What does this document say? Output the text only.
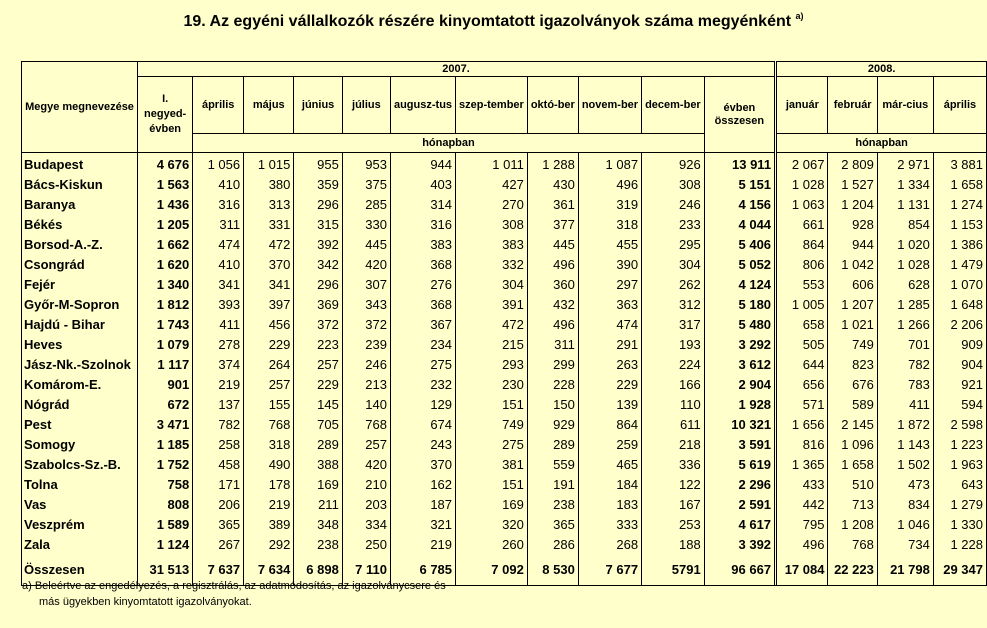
19. Az egyéni vállalkozók részére kinyomtatott igazolványok száma megyénként $^{a)}$
Megye megnevezése	2007.												2008.			
	I. negyed-évben	április	május	június	július	augusz-tus	szep-tember	októ-ber	novem-ber	decem-ber	évben összesen		január	február	már-cius	április
		hónapban											hónapban			
Budapest	4 676	1 056	1 015	955	953	944	1 011	1 288	1 087	926	13 911		2 067	2 809	2 971	3 881
Bács-Kiskun	1 563	410	380	359	375	403	427	430	496	308	5 151		1 028	1 527	1 334	1 658
Baranya	1 436	316	313	296	285	314	270	361	319	246	4 156		1 063	1 204	1 131	1 274
Békés	1 205	311	331	315	330	316	308	377	318	233	4 044		661	928	854	1 153
Borsod-A.-Z.	1 662	474	472	392	445	383	383	445	455	295	5 406		864	944	1 020	1 386
Csongrád	1 620	410	370	342	420	368	332	496	390	304	5 052		806	1 042	1 028	1 479
Fejér	1 340	341	341	296	307	276	304	360	297	262	4 124		553	606	628	1 070
Győr-M-Sopron	1 812	393	397	369	343	368	391	432	363	312	5 180		1 005	1 207	1 285	1 648
Hajdú - Bihar	1 743	411	456	372	372	367	472	496	474	317	5 480		658	1 021	1 266	2 206
Heves	1 079	278	229	223	239	234	215	311	291	193	3 292		505	749	701	909
Jász-Nk.-Szolnok	1 117	374	264	257	246	275	293	299	263	224	3 612		644	823	782	904
Komárom-E.	901	219	257	229	213	232	230	228	229	166	2 904		656	676	783	921
Nógrád	672	137	155	145	140	129	151	150	139	110	1 928		571	589	411	594
Pest	3 471	782	768	705	768	674	749	929	864	611	10 321		1 656	2 145	1 872	2 598
Somogy	1 185	258	318	289	257	243	275	289	259	218	3 591		816	1 096	1 143	1 223
Szabolcs-Sz.-B.	1 752	458	490	388	420	370	381	559	465	336	5 619		1 365	1 658	1 502	1 963
Tolna	758	171	178	169	210	162	151	191	184	122	2 296		433	510	473	643
Vas	808	206	219	211	203	187	169	238	183	167	2 591		442	713	834	1 279
Veszprém	1 589	365	389	348	334	321	320	365	333	253	4 617		795	1 208	1 046	1 330
Zala	1 124	267	292	238	250	219	260	286	268	188	3 392		496	768	734	1 228
Összesen	31 513	7 637	7 634	6 898	7 110	6 785	7 092	8 530	7 677	5791	96 667		17 084	22 223	21 798	29 347
a) Beleértve az engedélyezés, a regisztrálás, az adatmódosítás, az igazolványcsere és
más ügyekben kinyomtatott igazolványokat.
